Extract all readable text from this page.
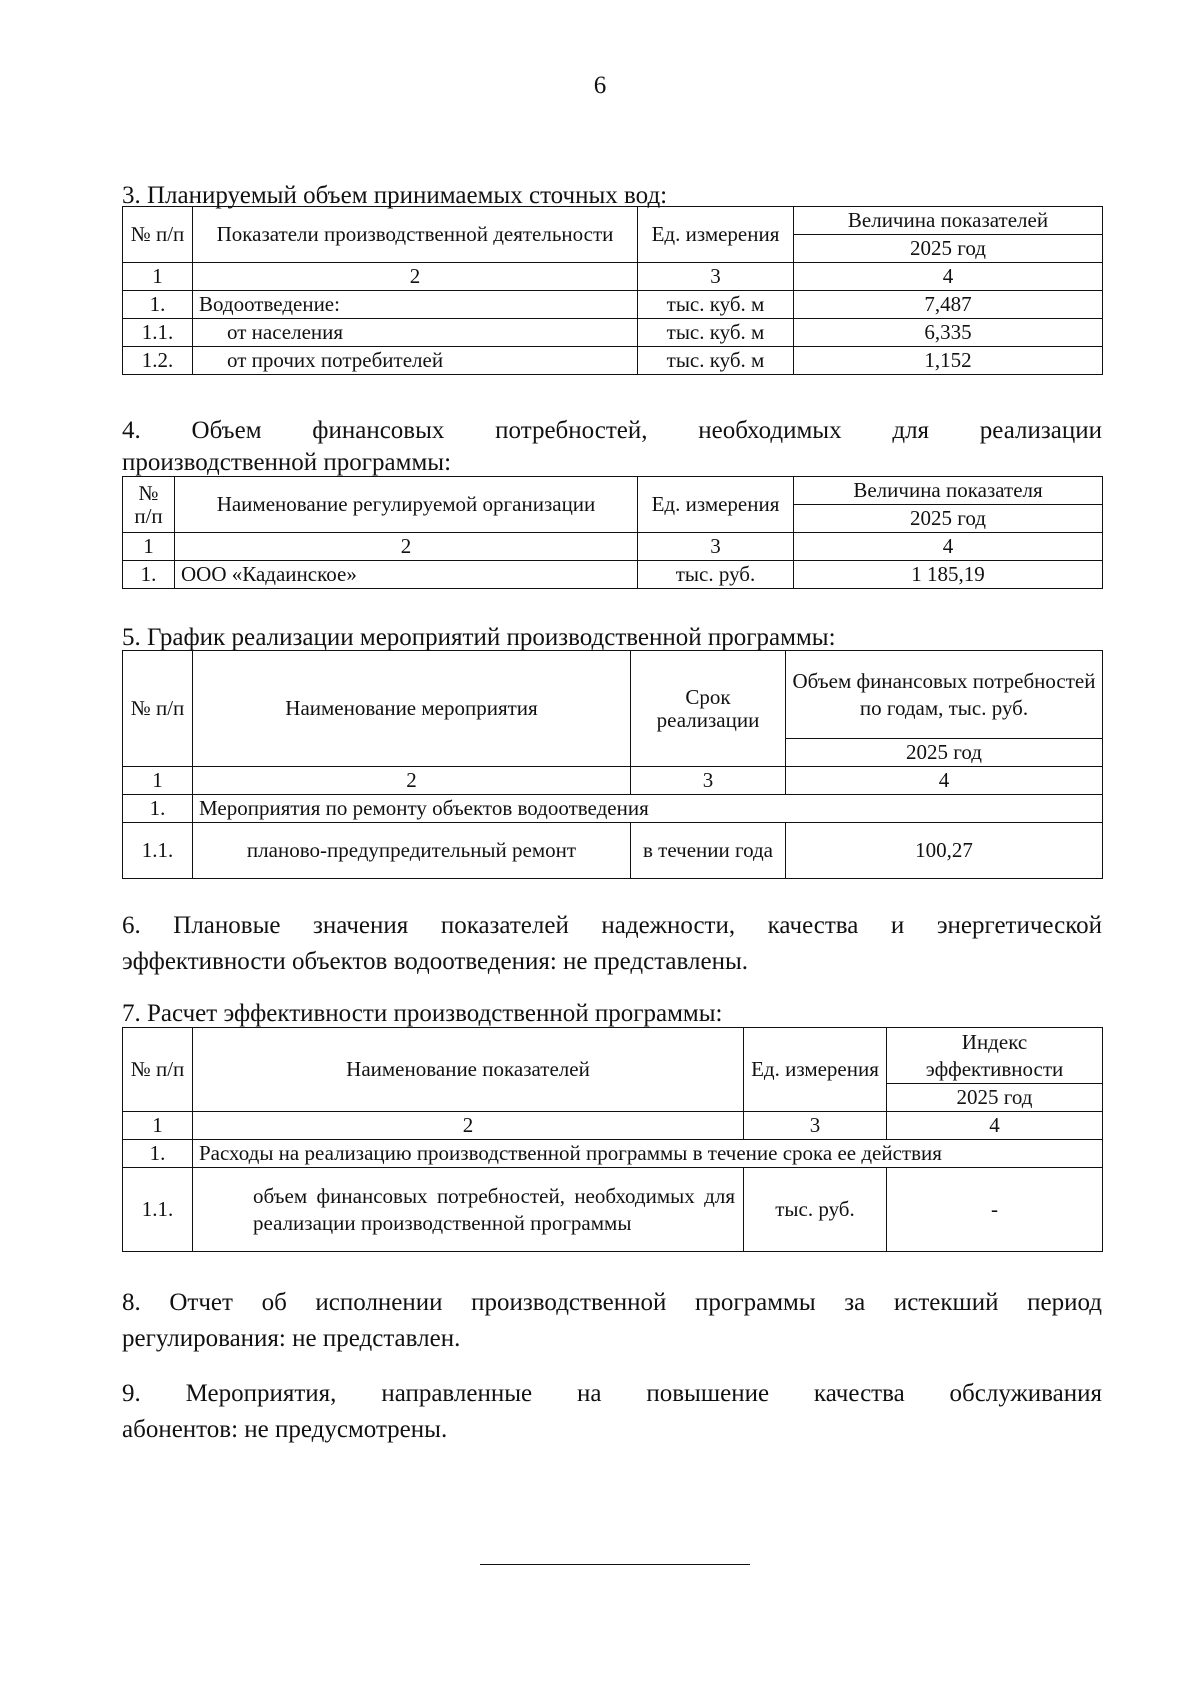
6
3. Планируемый объем принимаемых сточных вод:
№ п/п	Показатели производственной деятельности	Ед. измерения	Величина показателей
			2025 год
1	2	3	4
1.	Водоотведение:	тыс. куб. м	7,487
1.1.	от населения	тыс. куб. м	6,335
1.2.	от прочих потребителей	тыс. куб. м	1,152
4. Объем финансовых потребностей, необходимых для реализации
производственной программы:
№ п/п	Наименование регулируемой организации	Ед. измерения	Величина показателя
			2025 год
1	2	3	4
1.	ООО «Кадаинское»	тыс. руб.	1 185,19
5. График реализации мероприятий производственной программы:
№ п/п	Наименование мероприятия	Срок реализации	Объем финансовых потребностей по годам, тыс. руб.
			2025 год
1	2	3	4
1.	Мероприятия по ремонту объектов водоотведения		
1.1.	планово-предупредительный ремонт	в течении года	100,27
6. Плановые значения показателей надежности, качества и энергетической
эффективности объектов водоотведения: не представлены.
7. Расчет эффективности производственной программы:
№ п/п	Наименование показателей	Ед. измерения	Индекс эффективности
			2025 год
1	2	3	4
1.	Расходы на реализацию производственной программы в течение срока ее действия		
1.1.	объем финансовых потребностей, необходимых для реализации производственной программы	тыс. руб.	-
8. Отчет об исполнении производственной программы за истекший период
регулирования: не представлен.
9. Мероприятия, направленные на повышение качества обслуживания
абонентов: не предусмотрены.
